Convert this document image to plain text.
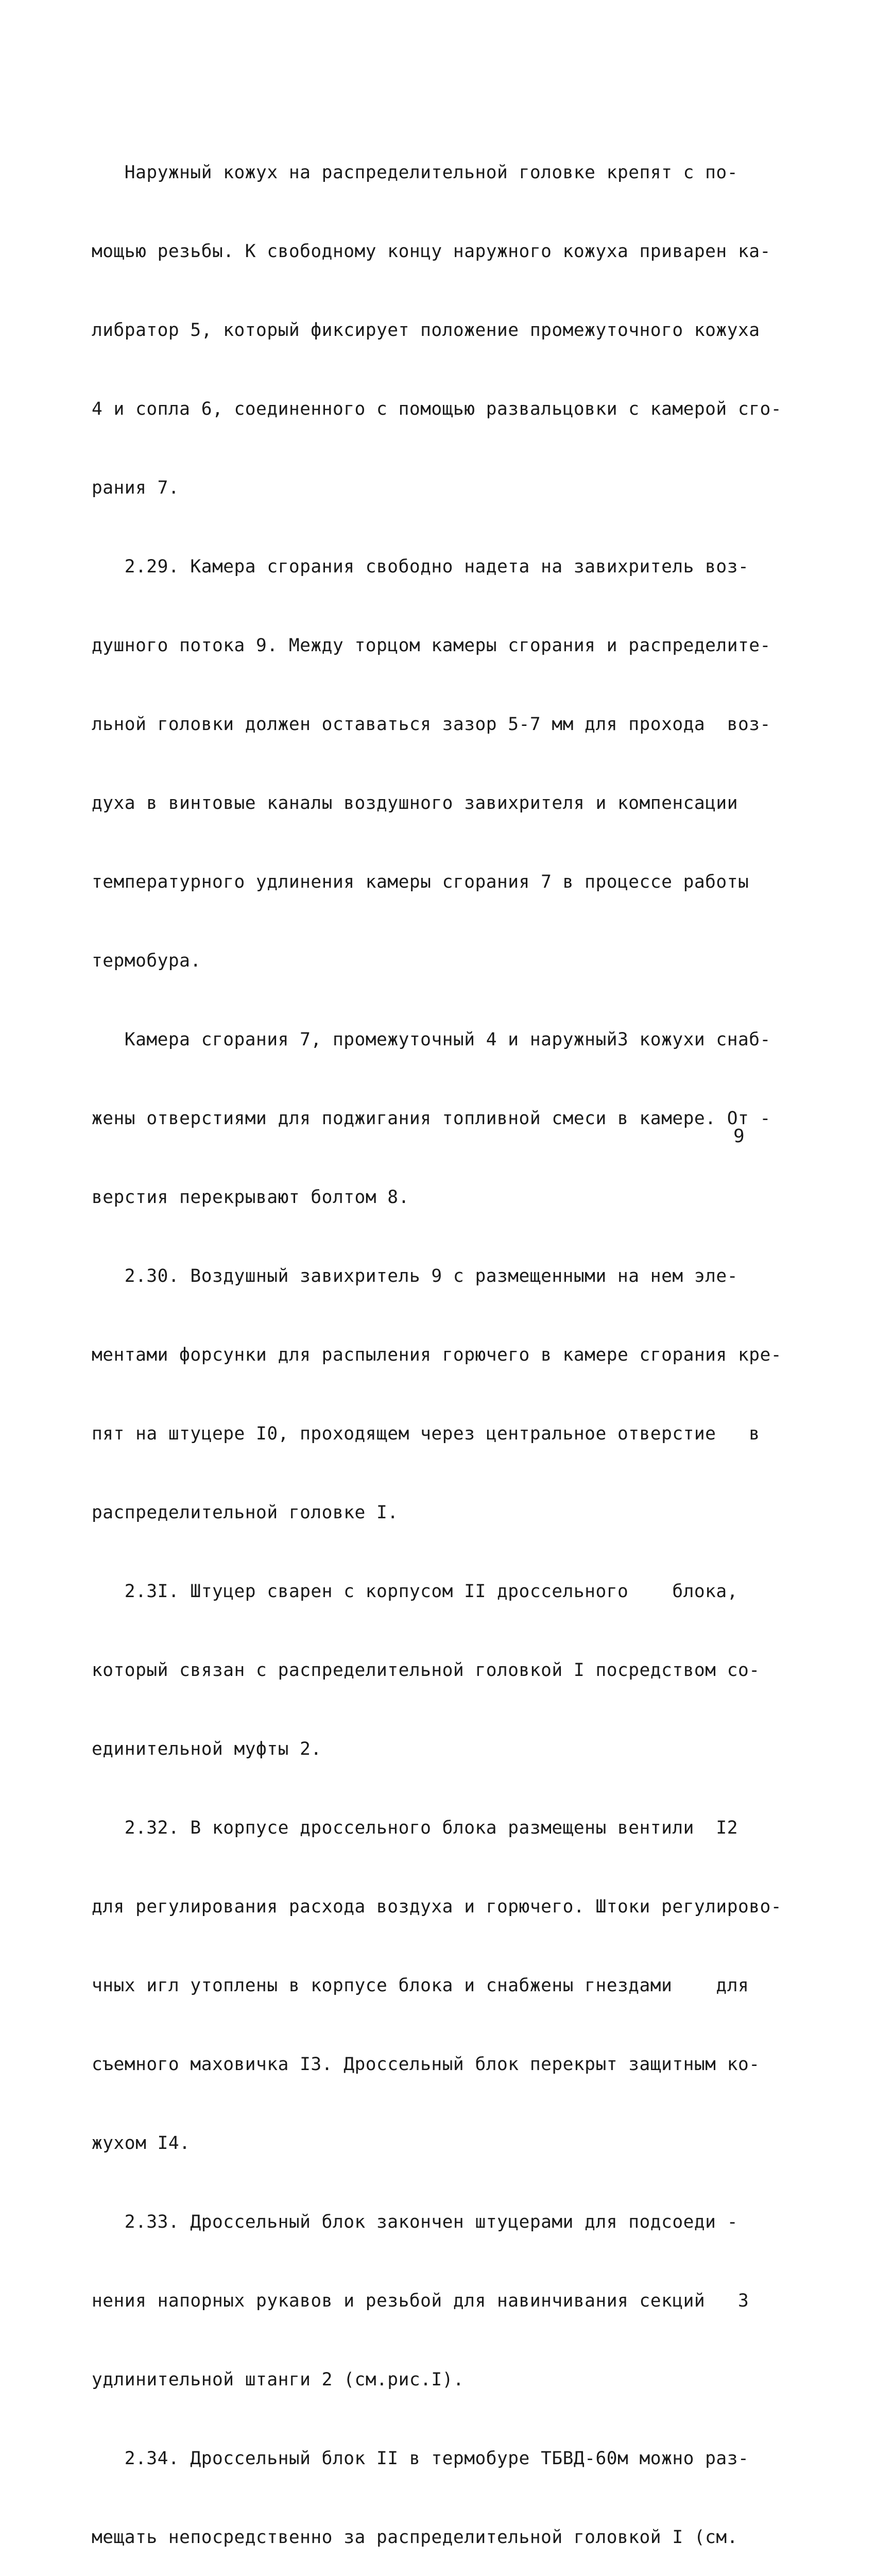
Наружный кожух на распределительной головке крепят с по-

мощью резьбы. К свободному концу наружного кожуха приварен ка-

либратор 5, который фиксирует положение промежуточного кожуха

4 и сопла 6, соединенного с помощью развальцовки с камерой сго-

рания 7.

2.29. Камера сгорания свободно надета на завихритель воз-

душного потока 9. Между торцом камеры сгорания и распределите-

льной головки должен оставаться зазор 5-7 мм для прохода  воз-

духа в винтовые каналы воздушного завихрителя и компенсации

температурного удлинения камеры сгорания 7 в процессе работы

термобура.

Камера сгорания 7, промежуточный 4 и наружный3 кожухи снаб-

жены отверстиями для поджигания топливной смеси в камере. От -

верстия перекрывают болтом 8.

2.30. Воздушный завихритель 9 с размещенными на нем эле-

ментами форсунки для распыления горючего в камере сгорания кре-

пят на штуцере I0, проходящем через центральное отверстие   в

распределительной головке I.

2.3I. Штуцер сварен с корпусом II дроссельного    блока,

который связан с распределительной головкой I посредством со-

единительной муфты 2.

2.32. В корпусе дроссельного блока размещены вентили  I2

для регулирования расхода воздуха и горючего. Штоки регулирово-

чных игл утоплены в корпусе блока и снабжены гнездами    для

съемного маховичка I3. Дроссельный блок перекрыт защитным ко-

жухом I4.

2.33. Дроссельный блок закончен штуцерами для подсоеди -

нения напорных рукавов и резьбой для навинчивания секций   3

удлинительной штанги 2 (см.рис.I).

2.34. Дроссельный блок II в термобуре ТБВД-60м можно раз-

мещать непосредственно за распределительной головкой I (см.

9
